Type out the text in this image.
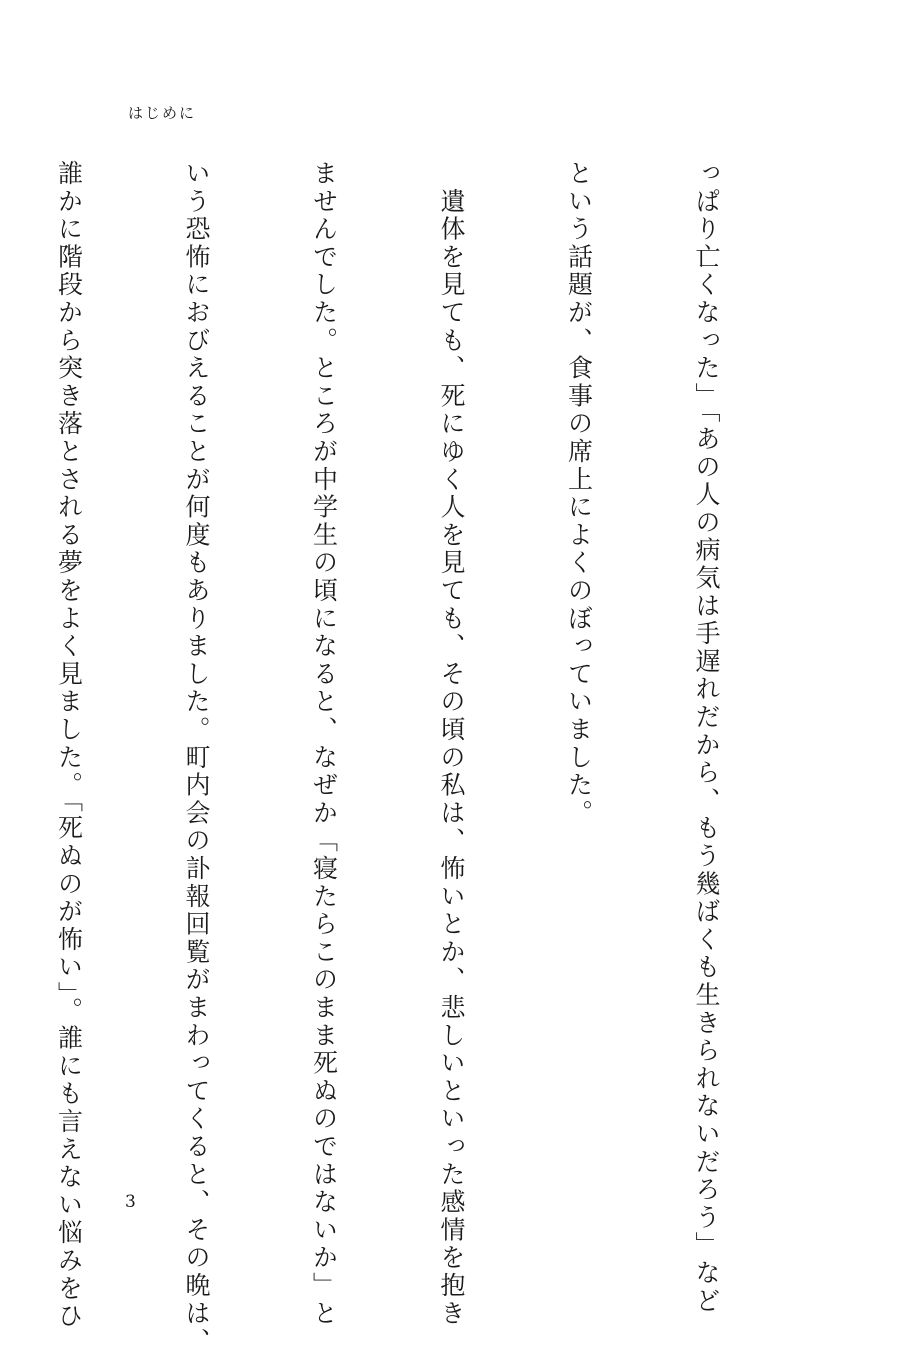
はじめに

っぱり亡くなった」「あの人の病気は手遅れだから、もう幾ばくも生きられないだろう」など

という話題が、食事の席上によくのぼっていました。

　遺体を見ても、死にゆく人を見ても、その頃の私は、怖いとか、悲しいといった感情を抱き

ませんでした。ところが中学生の頃になると、なぜか「寝たらこのまま死ぬのではないか」と

いう恐怖におびえることが何度もありました。町内会の訃報回覧がまわってくると、その晩は、

誰かに階段から突き落とされる夢をよく見ました。「死ぬのが怖い」。誰にも言えない悩みをひ

	3
